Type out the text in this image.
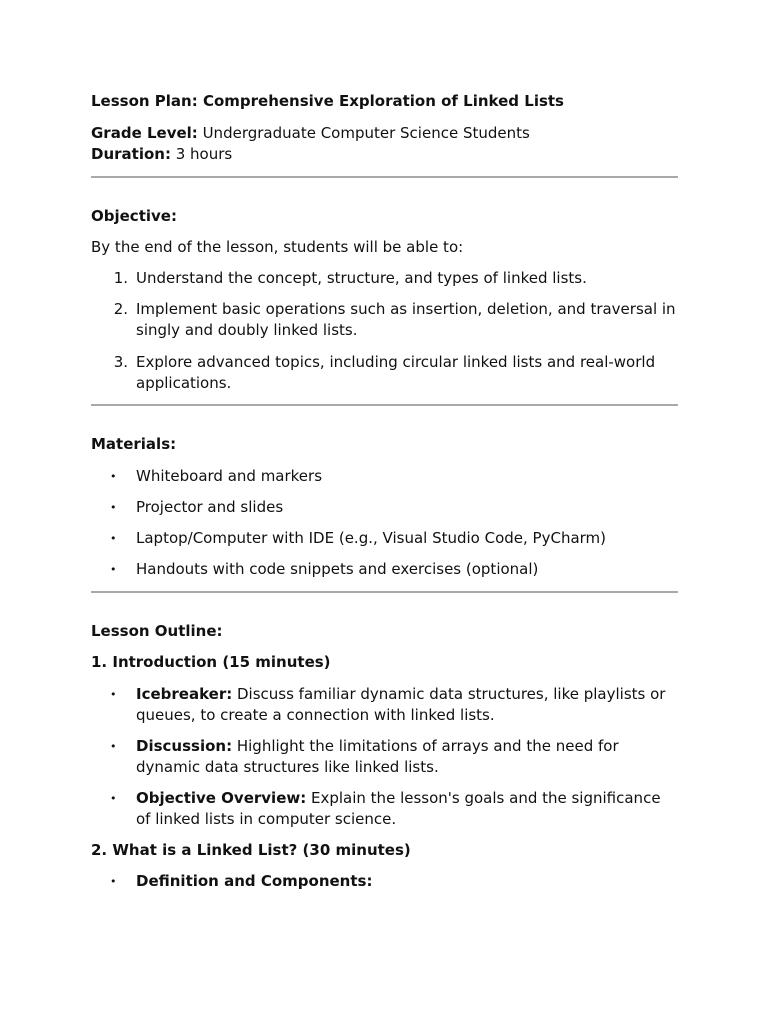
Lesson Plan: Comprehensive Exploration of Linked Lists
Grade Level: Undergraduate Computer Science Students
Duration: 3 hours
Objective:
By the end of the lesson, students will be able to:
1. Understand the concept, structure, and types of linked lists.
2. Implement basic operations such as insertion, deletion, and traversal in
singly and doubly linked lists.
3. Explore advanced topics, including circular linked lists and real-world
applications.
Materials:
• Whiteboard and markers
• Projector and slides
• Laptop/Computer with IDE (e.g., Visual Studio Code, PyCharm)
• Handouts with code snippets and exercises (optional)
Lesson Outline:
1. Introduction (15 minutes)
• Icebreaker: Discuss familiar dynamic data structures, like playlists or
queues, to create a connection with linked lists.
• Discussion: Highlight the limitations of arrays and the need for
dynamic data structures like linked lists.
• Objective Overview: Explain the lesson's goals and the significance
of linked lists in computer science.
2. What is a Linked List? (30 minutes)
• Definition and Components:
